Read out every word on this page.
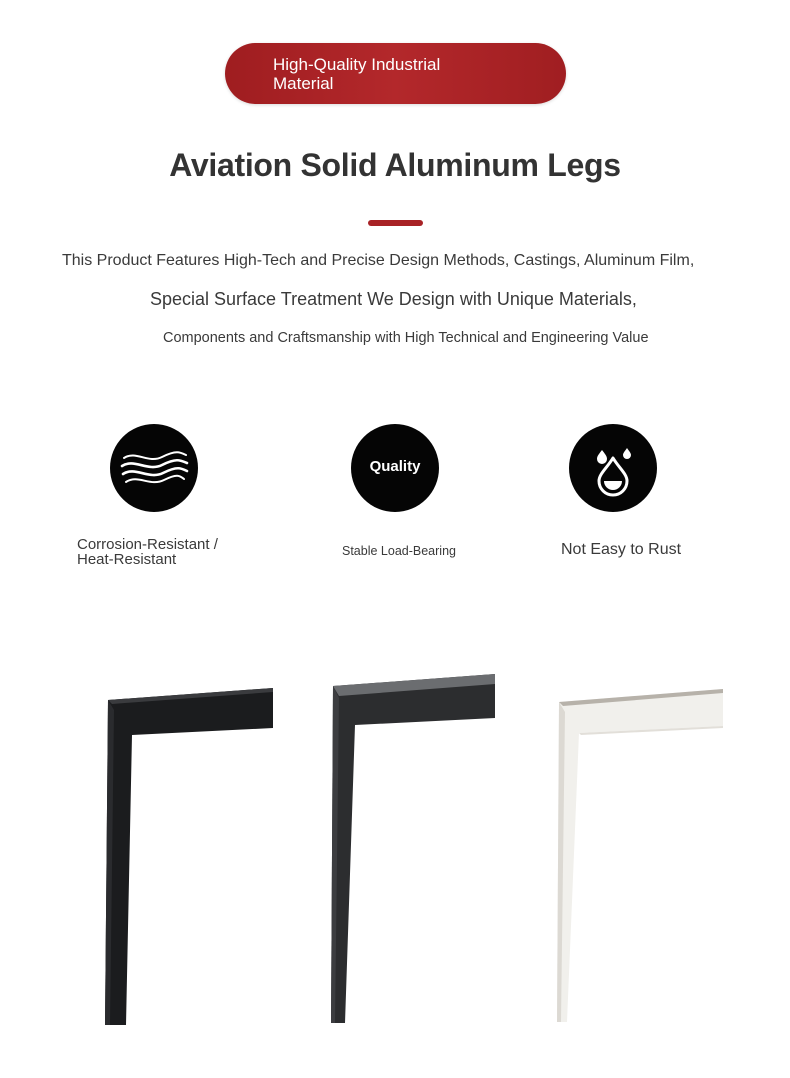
High-Quality Industrial Material
Aviation Solid Aluminum Legs
This Product Features High-Tech and Precise Design Methods, Castings, Aluminum Film,
Special Surface Treatment We Design with Unique Materials,
Components and Craftsmanship with High Technical and Engineering Value
Corrosion-Resistant / Heat-Resistant
Quality
Stable Load-Bearing	Not Easy to Rust
